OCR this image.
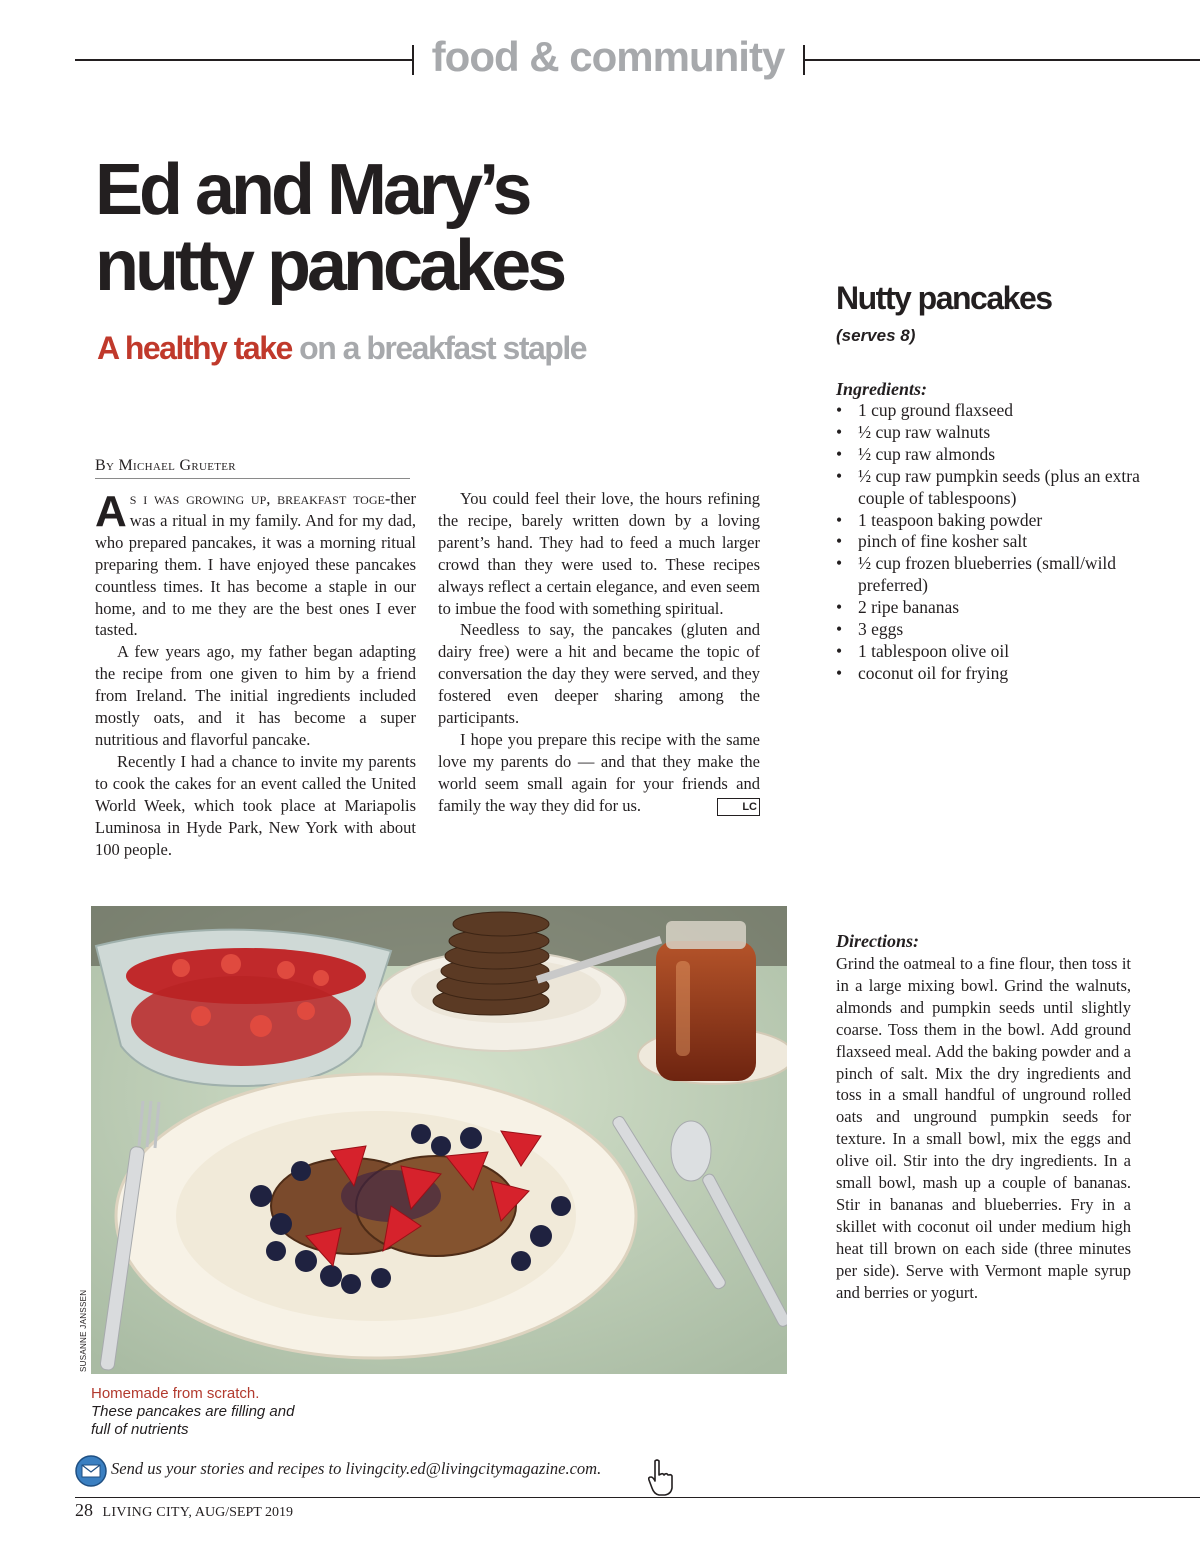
food & community
Ed and Mary’s
nutty pancakes
A healthy take on a breakfast staple
By Michael Grueter

As i was growing up, breakfast toge-ther was a ritual in my family. And for my dad, who prepared pancakes, it was a morning ritual preparing them. I have enjoyed these pancakes countless times. It has become a staple in our home, and to me they are the best ones I ever tasted.

A few years ago, my father began adapting the recipe from one given to him by a friend from Ireland. The initial ingredients included mostly oats, and it has become a super nutritious and flavorful pancake.

Recently I had a chance to invite my parents to cook the cakes for an event called the United World Week, which took place at Mariapolis Luminosa in Hyde Park, New York with about 100 people.

You could feel their love, the hours refining the recipe, barely written down by a loving parent’s hand. They had to feed a much larger crowd than they were used to. These recipes always reflect a certain elegance, and even seem to imbue the food with something spiritual.

Needless to say, the pancakes (gluten and dairy free) were a hit and became the topic of conversation the day they were served, and they fostered even deeper sharing among the participants.

I hope you prepare this recipe with the same love my parents do — and that they make the world seem small again for your friends and family the way they did for us.	LC

Nutty pancakes
(serves 8)
Ingredients:
• 1 cup ground flaxseed
• ½ cup raw walnuts
• ½ cup raw almonds
• ½ cup raw pumpkin seeds (plus an extra couple of tablespoons)
• 1 teaspoon baking powder
• pinch of fine kosher salt
• ½ cup frozen blueberries (small/wild preferred)
• 2 ripe bananas
• 3 eggs
• 1 tablespoon olive oil
• coconut oil for frying
Directions:

Grind the oatmeal to a fine flour, then toss it in a large mixing bowl. Grind the walnuts, almonds and pumpkin seeds until slightly coarse. Toss them in the bowl. Add ground flaxseed meal. Add the baking powder and a pinch of salt. Mix the dry ingredients and toss in a small handful of unground rolled oats and unground pumpkin seeds for texture. In a small bowl, mix the eggs and olive oil. Stir into the dry ingredients. In a small bowl, mash up a couple of bananas. Stir in bananas and blueberries. Fry in a skillet with coconut oil under medium high heat till brown on each side (three minutes per side). Serve with Vermont maple syrup and berries or yogurt.

SUSANNE JANSSEN
Homemade from scratch.
These pancakes are filling and full of nutrients
Send us your stories and recipes to livingcity.ed@livingcitymagazine.com.
28 LIVING CITY, AUG/SEPT 2019
